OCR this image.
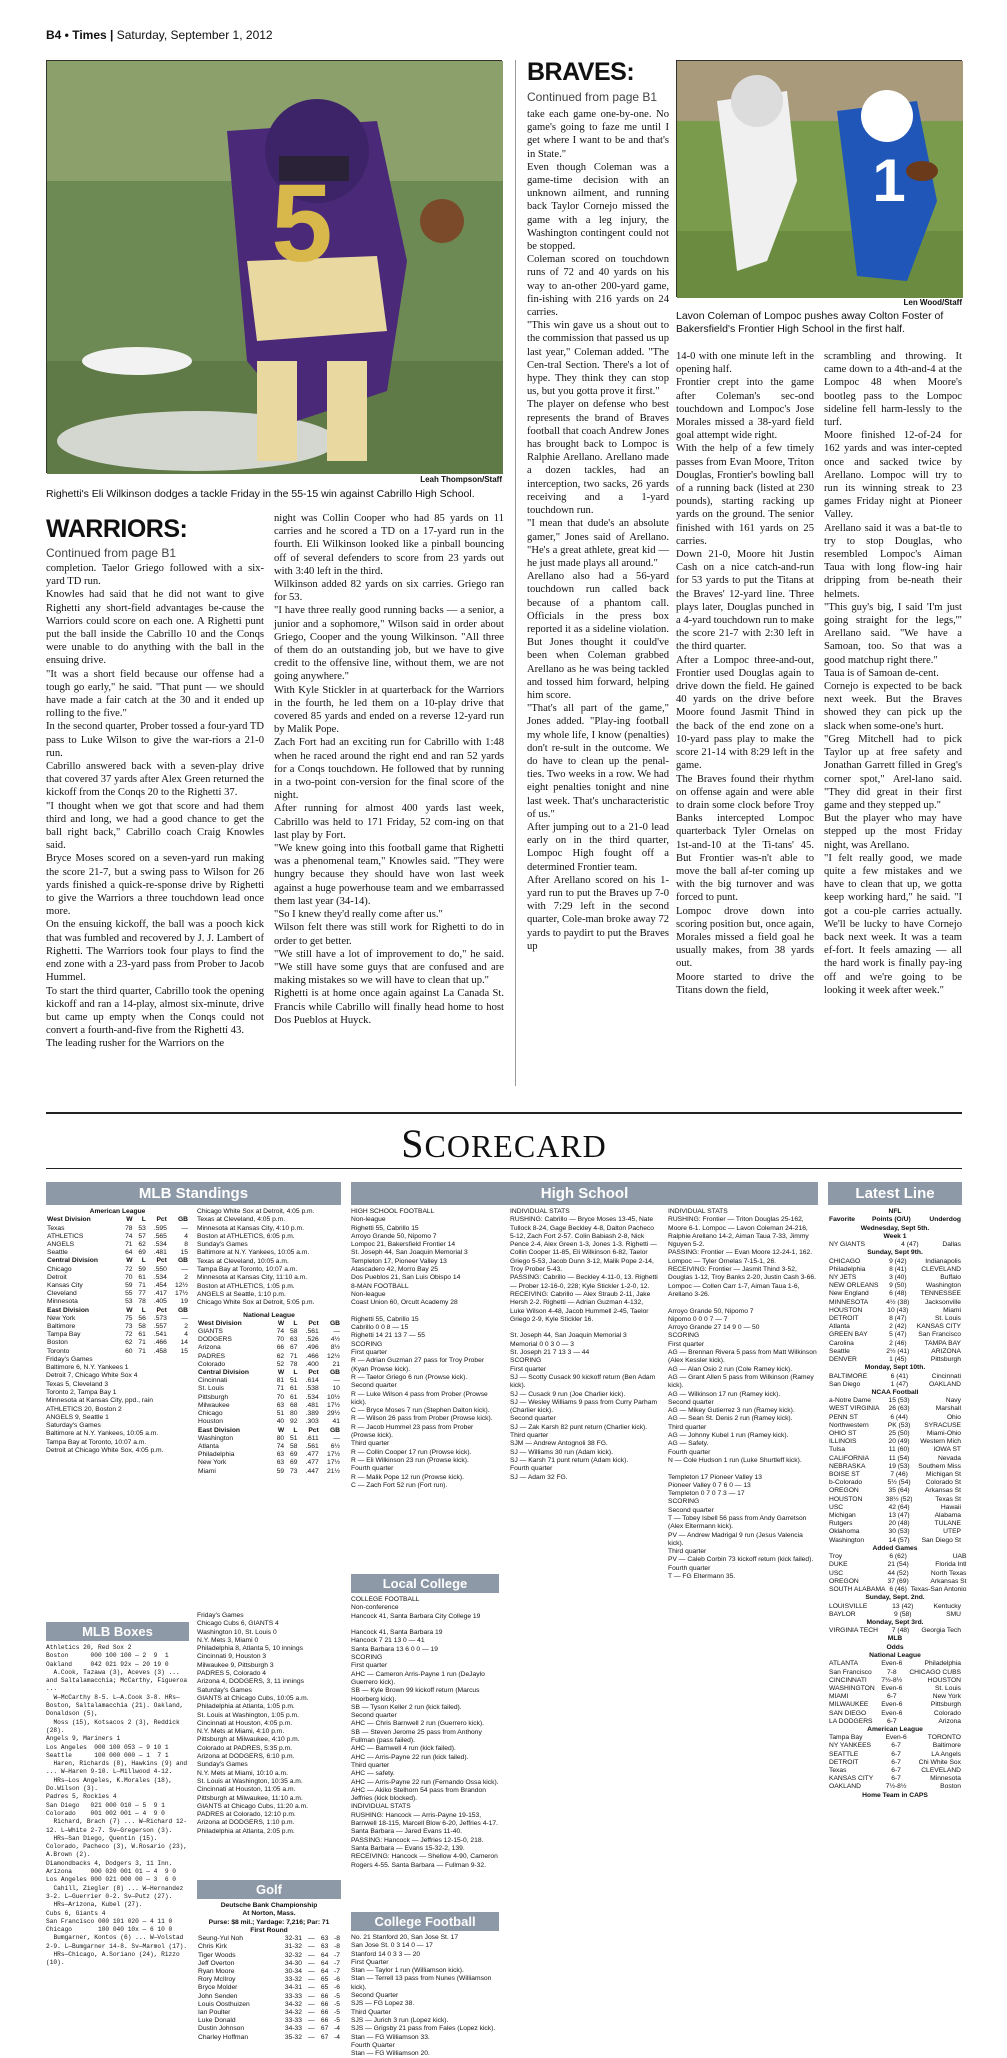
B4 • Times | Saturday, September 1, 2012
5
Leah Thompson/Staff
Righetti's Eli Wilkinson dodges a tackle Friday in the 55-15 win against Cabrillo High School.
WARRIORS:
Continued from page B1
completion. Taelor Griego followed with a six-yard TD run.
Knowles had said that he did not want to give Righetti any short-field advantages be-cause the Warriors could score on each one. A Righetti punt put the ball inside the Cabrillo 10 and the Conqs were unable to do anything with the ball in the ensuing drive.
"It was a short field because our offense had a tough go early," he said. "That punt — we should have made a fair catch at the 30 and it ended up rolling to the five."
In the second quarter, Prober tossed a four-yard TD pass to Luke Wilson to give the war-riors a 21-0 run.
Cabrillo answered back with a seven-play drive that covered 37 yards after Alex Green returned the kickoff from the Conqs 20 to the Righetti 37.
"I thought when we got that score and had them third and long, we had a good chance to get the ball right back," Cabrillo coach Craig Knowles said.
Bryce Moses scored on a seven-yard run making the score 21-7, but a swing pass to Wilson for 26 yards finished a quick-re-sponse drive by Righetti to give the Warriors a three touchdown lead once more.
On the ensuing kickoff, the ball was a pooch kick that was fumbled and recovered by J. J. Lambert of Righetti. The Warriors took four plays to find the end zone with a 23-yard pass from Prober to Jacob Hummel.
To start the third quarter, Cabrillo took the opening kickoff and ran a 14-play, almost six-minute, drive but came up empty when the Conqs could not convert a fourth-and-five from the Righetti 43.
The leading rusher for the Warriors on the
night was Collin Cooper who had 85 yards on 11 carries and he scored a TD on a 17-yard run in the fourth. Eli Wilkinson looked like a pinball bouncing off of several defenders to score from 23 yards out with 3:40 left in the third.
Wilkinson added 82 yards on six carries. Griego ran for 53.
"I have three really good running backs — a senior, a junior and a sophomore," Wilson said in order about Griego, Cooper and the young Wilkinson. "All three of them do an outstanding job, but we have to give credit to the offensive line, without them, we are not going anywhere."
With Kyle Stickler in at quarterback for the Warriors in the fourth, he led them on a 10-play drive that covered 85 yards and ended on a reverse 12-yard run by Malik Pope.
Zach Fort had an exciting run for Cabrillo with 1:48 when he raced around the right end and ran 52 yards for a Conqs touchdown. He followed that by running in a two-point con-version for the final score of the night.
After running for almost 400 yards last week, Cabrillo was held to 171 Friday, 52 com-ing on that last play by Fort.
"We knew going into this football game that Righetti was a phenomenal team," Knowles said. "They were hungry because they should have won last week against a huge powerhouse team and we embarrassed them last year (34-14).
"So I knew they'd really come after us."
Wilson felt there was still work for Righetti to do in order to get better.
"We still have a lot of improvement to do," he said. "We still have some guys that are confused and are making mistakes so we will have to clean that up."
Righetti is at home once again against La Canada St. Francis while Cabrillo will finally head home to host Dos Pueblos at Huyck.
BRAVES:
Continued from page B1
take each game one-by-one. No game's going to faze me until I get where I want to be and that's in State."
Even though Coleman was a game-time decision with an unknown ailment, and running back Taylor Cornejo missed the game with a leg injury, the Washington contingent could not be stopped.
Coleman scored on touchdown runs of 72 and 40 yards on his way to an-other 200-yard game, fin-ishing with 216 yards on 24 carries.
"This win gave us a shout out to the commission that passed us up last year," Coleman added. "The Cen-tral Section. There's a lot of hype. They think they can stop us, but you gotta prove it first."
The player on defense who best represents the brand of Braves football that coach Andrew Jones has brought back to Lompoc is Ralphie Arellano. Arellano made a dozen tackles, had an interception, two sacks, 26 yards receiving and a 1-yard touchdown run.
"I mean that dude's an absolute gamer," Jones said of Arellano. "He's a great athlete, great kid — he just made plays all around."
Arellano also had a 56-yard touchdown run called back because of a phantom call. Officials in the press box reported it as a sideline violation. But Jones thought it could've been when Coleman grabbed Arellano as he was being tackled and tossed him forward, helping him score.
"That's all part of the game," Jones added. "Play-ing football my whole life, I know (penalties) don't re-sult in the outcome. We do have to clean up the penal-ties. Two weeks in a row. We had eight penalties tonight and nine last week. That's uncharacteristic of us."
After jumping out to a 21-0 lead early on in the third quarter, Lompoc High fought off a determined Frontier team.
After Arellano scored on his 1-yard run to put the Braves up 7-0 with 7:29 left in the second quarter, Cole-man broke away 72 yards to paydirt to put the Braves up
1
Len Wood/Staff
Lavon Coleman of Lompoc pushes away Colton Foster of Bakersfield's Frontier High School in the first half.
14-0 with one minute left in the opening half.
Frontier crept into the game after Coleman's sec-ond touchdown and Lompoc's Jose Morales missed a 38-yard field goal attempt wide right.
With the help of a few timely passes from Evan Moore, Triton Douglas, Frontier's bowling ball of a running back (listed at 230 pounds), starting racking up yards on the ground. The senior finished with 161 yards on 25 carries.
Down 21-0, Moore hit Justin Cash on a nice catch-and-run for 53 yards to put the Titans at the Braves' 12-yard line. Three plays later, Douglas punched in a 4-yard touchdown run to make the score 21-7 with 2:30 left in the third quarter.
After a Lompoc three-and-out, Frontier used Douglas again to drive down the field. He gained 40 yards on the drive before Moore found Jasmit Thind in the back of the end zone on a 10-yard pass play to make the score 21-14 with 8:29 left in the game.
The Braves found their rhythm on offense again and were able to drain some clock before Troy Banks intercepted Lompoc quarterback Tyler Ornelas on 1st-and-10 at the Ti-tans' 45. But Frontier was-n't able to move the ball af-ter coming up with the big turnover and was forced to punt.
Lompoc drove down into scoring position but, once again, Morales missed a field goal he usually makes, from 38 yards out.
Moore started to drive the Titans down the field,
scrambling and throwing. It came down to a 4th-and-4 at the Lompoc 48 when Moore's bootleg pass to the Lompoc sideline fell harm-lessly to the turf.
Moore finished 12-of-24 for 162 yards and was inter-cepted once and sacked twice by Arellano. Lompoc will try to run its winning streak to 23 games Friday night at Pioneer Valley.
Arellano said it was a bat-tle to try to stop Douglas, who resembled Lompoc's Aiman Taua with long flow-ing hair dripping from be-neath their helmets.
"This guy's big, I said 'I'm just going straight for the legs,'" Arellano said. "We have a Samoan, too. So that was a good matchup right there."
Taua is of Samoan de-cent.
Cornejo is expected to be back next week. But the Braves showed they can pick up the slack when some-one's hurt.
"Greg Mitchell had to pick Taylor up at free safety and Jonathan Garrett filled in Greg's corner spot," Arel-lano said. "They did great in their first game and they stepped up."
But the player who may have stepped up the most Friday night, was Arellano.
"I felt really good, we made quite a few mistakes and we have to clean that up, we gotta keep working hard," he said. "I got a cou-ple carries actually. We'll be lucky to have Cornejo back next week. It was a team ef-fort. It feels amazing — all the hard work is finally pay-ing off and we're going to be looking it week after week."
SCORECARD
MLB Standings
American League
West Division	W	L	Pct	GB
Texas	78	53	.595	—
ATHLETICS	74	57	.565	4
ANGELS	71	62	.534	8
Seattle	64	69	.481	15
Central Division	W	L	Pct	GB
Chicago	72	59	.550	—
Detroit	70	61	.534	2
Kansas City	59	71	.454	12½
Cleveland	55	77	.417	17½
Minnesota	53	78	.405	19
East Division	W	L	Pct	GB
New York	75	56	.573	—
Baltimore	73	58	.557	2
Tampa Bay	72	61	.541	4
Boston	62	71	.466	14
Toronto	60	71	.458	15
Friday's Games
Baltimore 6, N.Y. Yankees 1
Detroit 7, Chicago White Sox 4
Texas 5, Cleveland 3
Toronto 2, Tampa Bay 1
Minnesota at Kansas City, ppd., rain
ATHLETICS 20, Boston 2
ANGELS 9, Seattle 1
Saturday's Games
Baltimore at N.Y. Yankees, 10:05 a.m.
Tampa Bay at Toronto, 10:07 a.m.
Detroit at Chicago White Sox, 4:05 p.m.
Chicago White Sox at Detroit, 4:05 p.m.
Texas at Cleveland, 4:05 p.m.
Minnesota at Kansas City, 4:10 p.m.
Boston at ATHLETICS, 6:05 p.m.
Sunday's Games
Baltimore at N.Y. Yankees, 10:05 a.m.
Texas at Cleveland, 10:05 a.m.
Tampa Bay at Toronto, 10:07 a.m.
Minnesota at Kansas City, 11:10 a.m.
Boston at ATHLETICS, 1:05 p.m.
ANGELS at Seattle, 1:10 p.m.
Chicago White Sox at Detroit, 5:05 p.m.
National League
West Division	W	L	Pct	GB
GIANTS	74	58	.561	—
DODGERS	70	63	.526	4½
Arizona	66	67	.496	8½
PADRES	62	71	.466	12½
Colorado	52	78	.400	21
Central Division	W	L	Pct	GB
Cincinnati	81	51	.614	—
St. Louis	71	61	.538	10
Pittsburgh	70	61	.534	10½
Milwaukee	63	68	.481	17½
Chicago	51	80	.389	29½
Houston	40	92	.303	41
East Division	W	L	Pct	GB
Washington	80	51	.611	—
Atlanta	74	58	.561	6½
Philadelphia	63	69	.477	17½
New York	63	69	.477	17½
Miami	59	73	.447	21½
MLB Boxes
Athletics 20, Red Sox 2
Boston      000 100 100 — 2  9  1
Oakland     042 021 92x — 20 19 0
A.Cook, Tazawa (3), Aceves (3) ... and Saltalamacchia; McCarthy, Figueroa ...
W—McCarthy 8-5. L—A.Cook 3-8. HRs—Boston, Saltalamacchia (21). Oakland, Donaldson (5),
Moss (15), Kotsacos 2 (3), Reddick (28).
Angels 9, Mariners 1
Los Angeles  000 100 053 — 9 10 1
Seattle      100 000 000 — 1  7 1
Haren, Richards (8), Hawkins (9) and ... W—Haren 9-10. L—Millwood 4-12.
HRs—Los Angeles, K.Morales (18), Do.Wilson (3).
Padres 5, Rockies 4
San Diego   021 000 010 — 5  9 1
Colorado    001 002 001 — 4  9 0
Richard, Brach (7) ... W—Richard 12-12. L—White 2-7. Sv—Gregerson (3).
HRs—San Diego, Quentin (15). Colorado, Pacheco (3), W.Rosario (23), A.Brown (2).
Diamondbacks 4, Dodgers 3, 11 Inn.
Arizona     000 020 001 01 — 4  9 0
Los Angeles 000 021 000 00 — 3  6 0
Cahill, Ziegler (8) ... W—Hernandez 3-2. L—Guerrier 0-2. Sv—Putz (27).
HRs—Arizona, Kubel (27).
Cubs 6, Giants 4
San Francisco 000 101 020 — 4 11 0
Chicago       100 040 10x — 6 10 0
Bumgarner, Kontos (6) ... W—Volstad 2-9. L—Bumgarner 14-8. Sv—Marmol (17).
HRs—Chicago, A.Soriano (24), Rizzo (10).
Friday's Games
Chicago Cubs 6, GIANTS 4
Washington 10, St. Louis 0
N.Y. Mets 3, Miami 0
Philadelphia 8, Atlanta 5, 10 innings
Cincinnati 9, Houston 3
Milwaukee 9, Pittsburgh 3
PADRES 5, Colorado 4
Arizona 4, DODGERS, 3, 11 innings
Saturday's Games
GIANTS at Chicago Cubs, 10:05 a.m.
Philadelphia at Atlanta, 1:05 p.m.
St. Louis at Washington, 1:05 p.m.
Cincinnati at Houston, 4:05 p.m.
N.Y. Mets at Miami, 4:10 p.m.
Pittsburgh at Milwaukee, 4:10 p.m.
Colorado at PADRES, 5:35 p.m.
Arizona at DODGERS, 6:10 p.m.
Sunday's Games
N.Y. Mets at Miami, 10:10 a.m.
St. Louis at Washington, 10:35 a.m.
Cincinnati at Houston, 11:05 a.m.
Pittsburgh at Milwaukee, 11:10 a.m.
GIANTS at Chicago Cubs, 11:20 a.m.
PADRES at Colorado, 12:10 p.m.
Arizona at DODGERS, 1:10 p.m.
Philadelphia at Atlanta, 2:05 p.m.
Golf
Deutsche Bank Championship
At Norton, Mass.
Purse: $8 mil.; Yardage: 7,216; Par: 71
First Round
Seung-Yul Noh	32-31	—	63	-8
Chris Kirk	31-32	—	63	-8
Tiger Woods	32-32	—	64	-7
Jeff Overton	34-30	—	64	-7
Ryan Moore	30-34	—	64	-7
Rory McIlroy	33-32	—	65	-6
Bryce Molder	34-31	—	65	-6
John Senden	33-33	—	66	-5
Louis Oosthuizen	34-32	—	66	-5
Ian Poulter	34-32	—	66	-5
Luke Donald	33-33	—	66	-5
Dustin Johnson	34-33	—	67	-4
Charley Hoffman	35-32	—	67	-4
High School
HIGH SCHOOL FOOTBALL
Non-league
Righetti 55, Cabrillo 15
Arroyo Grande 50, Nipomo 7
Lompoc 21, Bakersfield Frontier 14
St. Joseph 44, San Joaquin Memorial 3
Templeton 17, Pioneer Valley 13
Atascadero 42, Morro Bay 25
Dos Pueblos 21, San Luis Obispo 14
8-MAN FOOTBALL
Non-league
Coast Union 60, Orcutt Academy 28

Righetti 55, Cabrillo 15
Cabrillo 0 0 8 — 15
Righetti 14 21 13 7 — 55
SCORING
First quarter
R — Adrian Guzman 27 pass for Troy Prober (Kyan Prowse kick).
R — Taelor Griego 6 run (Prowse kick).
Second quarter
R — Luke Wilson 4 pass from Prober (Prowse kick).
C — Bryce Moses 7 run (Stephen Dalton kick).
R — Wilson 26 pass from Prober (Prowse kick).
R — Jacob Hummel 23 pass from Prober (Prowse kick).
Third quarter
R — Collin Cooper 17 run (Prowse kick).
R — Eli Wilkinson 23 run (Prowse kick).
Fourth quarter
R — Malik Pope 12 run (Prowse kick).
C — Zach Fort 52 run (Fort run).
INDIVIDUAL STATS
RUSHING: Cabrillo — Bryce Moses 13-45, Nate Tullock 8-24, Gage Beckley 4-8, Dalton Pacheco 5-12, Zach Fort 2-57. Colin Babiash 2-8, Nick Pence 2-4, Alex Green 1-3, Jones 1-3. Righetti — Collin Cooper 11-85, Eli Wilkinson 6-82, Taelor Griego 5-53, Jacob Dunn 3-12, Malik Pope 2-14, Troy Prober 5-43.
PASSING: Cabrillo — Beckley 4-11-0, 13. Righetti — Prober 12-16-0, 228; Kyle Stickler 1-2-0, 12.
RECEIVING: Cabrillo — Alex Straub 2-11, Jake Hersh 2-2. Righetti — Adrian Guzman 4-132, Luke Wilson 4-48, Jacob Hummell 2-45, Taelor Griego 2-9, Kyle Stickler 16.

St. Joseph 44, San Joaquin Memorial 3
Memorial 0 0 3 0 — 3
St. Joseph 21 7 13 3 — 44
SCORING
First quarter
SJ — Scotty Cusack 90 kickoff return (Ben Adam kick).
SJ — Cusack 9 run (Joe Charlier kick).
SJ — Wesley Williams 9 pass from Curry Parham (Charlier kick).
Second quarter
SJ — Zak Karsh 82 punt return (Charlier kick).
Third quarter
SJM — Andrew Antognoli 38 FG.
SJ — Williams 30 run (Adam kick).
SJ — Karsh 71 punt return (Adam kick).
Fourth quarter
SJ — Adam 32 FG.
INDIVIDUAL STATS
RUSHING: Frontier — Triton Douglas 25-162, Moore 6-1. Lompoc — Lavon Coleman 24-216, Ralphie Arellano 14-2, Aiman Taua 7-33, Jimmy Nguyen 5-2.
PASSING: Frontier — Evan Moore 12-24-1, 162. Lompoc — Tyler Ornelas 7-15-1, 26.
RECEIVING: Frontier — Jasmit Thind 3-52, Douglas 1-12, Troy Banks 2-20, Justin Cash 3-66. Lompoc — Collen Carr 1-7, Aiman Taua 1-6, Arellano 3-26.

Arroyo Grande 50, Nipomo 7
Nipomo 0 0 0 7 — 7
Arroyo Grande 27 14 9 0 — 50
SCORING
First quarter
AG — Brennan Rivera 5 pass from Matt Wilkinson (Alex Kessler kick).
AG — Alan Osio 2 run (Cole Ramey kick).
AG — Grant Allen 5 pass from Wilkinson (Ramey kick).
AG — Wilkinson 17 run (Ramey kick).
Second quarter
AG — Mikey Gutierrez 3 run (Ramey kick).
AG — Sean St. Denis 2 run (Ramey kick).
Third quarter
AG — Johnny Kubel 1 run (Ramey kick).
AG — Safety.
Fourth quarter
N — Cole Hudson 1 run (Luke Shurtleff kick).

Templeton 17 Pioneer Valley 13
Pioneer Valley 0 7 6 0 — 13
Templeton 0 7 0 7 3 — 17
SCORING
Second quarter
T — Tobey Isbell 56 pass from Andy Garretson (Alex Eltermann kick).
PV — Andrew Madrigal 9 run (Jesus Valencia kick).
Third quarter
PV — Caleb Corbin 73 kickoff return (kick failed).
Fourth quarter
T — FG Eltermann 35.
Local College
COLLEGE FOOTBALL
Non-conference
Hancock 41, Santa Barbara City College 19

Hancock 41, Santa Barbara 19
Hancock 7 21 13 0 — 41
Santa Barbara 13 6 0 0 — 19
SCORING
First quarter
AHC — Cameron Arris-Payne 1 run (DeJaylo Guerrero kick).
SB — Kyle Brown 99 kickoff return (Marcus Hoorberg kick).
SB — Tyson Keller 2 run (kick failed).
Second quarter
AHC — Chris Barnwell 2 run (Guerrero kick).
SB — Steven Jerome 25 pass from Anthony Fullman (pass failed).
AHC — Barnwell 4 run (kick failed).
AHC — Arris-Payne 22 run (kick failed).
Third quarter
AHC — safety.
AHC — Arris-Payne 22 run (Fernando Ossa kick).
AHC — Akiko Stelhorn 54 pass from Brandon Jeffries (kick blocked).
INDIVIDUAL STATS
RUSHING: Hancock — Arris-Payne 19-153, Barnwell 18-115, Marcell Blow 6-20, Jeffries 4-17. Santa Barbara — Jared Evans 11-40.
PASSING: Hancock — Jeffries 12-15-0, 218. Santa Barbara — Evans 15-32-2, 139.
RECEIVING: Hancock — Shellow 4-90, Cameron Rogers 4-55. Santa Barbara — Fullman 9-32.
College Football
No. 21 Stanford 20, San Jose St. 17
San Jose St. 0 3 14 0 — 17
Stanford 14 0 3 3 — 20
First Quarter
Stan — Taylor 1 run (Williamson kick).
Stan — Terrell 13 pass from Nunes (Williamson kick).
Second Quarter
SJS — FG Lopez 38.
Third Quarter
SJS — Jurich 3 run (Lopez kick).
SJS — Grigsby 21 pass from Fales (Lopez kick).
Stan — FG Williamson 33.
Fourth Quarter
Stan — FG Williamson 20.
Latest Line
NFL
Favorite	Points (O/U)	Underdog
Wednesday, Sept 5th.
Week 1
NY GIANTS	4 (47)	Dallas
Sunday, Sept 9th.
CHICAGO	9 (42)	Indianapolis
Philadelphia	8 (41)	CLEVELAND
NY JETS	3 (40)	Buffalo
NEW ORLEANS	9 (50)	Washington
New England	6 (48)	TENNESSEE
MINNESOTA	4½ (38)	Jacksonville
HOUSTON	10 (43)	Miami
DETROIT	8 (47)	St. Louis
Atlanta	2 (42)	KANSAS CITY
GREEN BAY	5 (47)	San Francisco
Carolina	2 (46)	TAMPA BAY
Seattle	2½ (41)	ARIZONA
DENVER	1 (45)	Pittsburgh
Monday, Sept 10th.
BALTIMORE	6 (41)	Cincinnati
San Diego	1 (47)	OAKLAND
NCAA Football
a-Notre Dame	15 (53)	Navy
WEST VIRGINIA	26 (63)	Marshall
PENN ST	6 (44)	Ohio
Northwestern	PK (53)	SYRACUSE
OHIO ST	25 (50)	Miami-Ohio
ILLINOIS	20 (49)	Western Mich
Tulsa	11 (60)	IOWA ST
CALIFORNIA	11 (54)	Nevada
NEBRASKA	19 (53)	Southern Miss
BOISE ST	7 (46)	Michigan St
b-Colorado	5½ (54)	Colorado St
OREGON	35 (64)	Arkansas St
HOUSTON	38½ (52)	Texas St
USC	42 (64)	Hawaii
Michigan	13 (47)	Alabama
Rutgers	20 (48)	TULANE
Oklahoma	30 (53)	UTEP
Washington	14 (57)	San Diego St
Added Games
Troy	6 (62)	UAB
DUKE	21 (54)	Florida Intl
USC	44 (52)	North Texas
OREGON	37 (69)	Arkansas St
SOUTH ALABAMA	6 (46)	Texas-San Antonio
Sunday, Sept. 2nd.
LOUISVILLE	13 (42)	Kentucky
BAYLOR	9 (58)	SMU
Monday, Sept 3rd.
VIRGINIA TECH	7 (48)	Georgia Tech
MLB
Odds
National League
ATLANTA	Even-6	Philadelphia
San Francisco	7-8	CHICAGO CUBS
CINCINNATI	7½-8½	HOUSTON
WASHINGTON	Even-6	St. Louis
MIAMI	6-7	New York
MILWAUKEE	Even-6	Pittsburgh
SAN DIEGO	Even-6	Colorado
LA DODGERS	6-7	Arizona
American League
Tampa Bay	Even-6	TORONTO
NY YANKEES	6-7	Baltimore
SEATTLE	6-7	LA Angels
DETROIT	6-7	Chi White Sox
Texas	6-7	CLEVELAND
KANSAS CITY	6-7	Minnesota
OAKLAND	7½-8½	Boston
Home Team in CAPS
